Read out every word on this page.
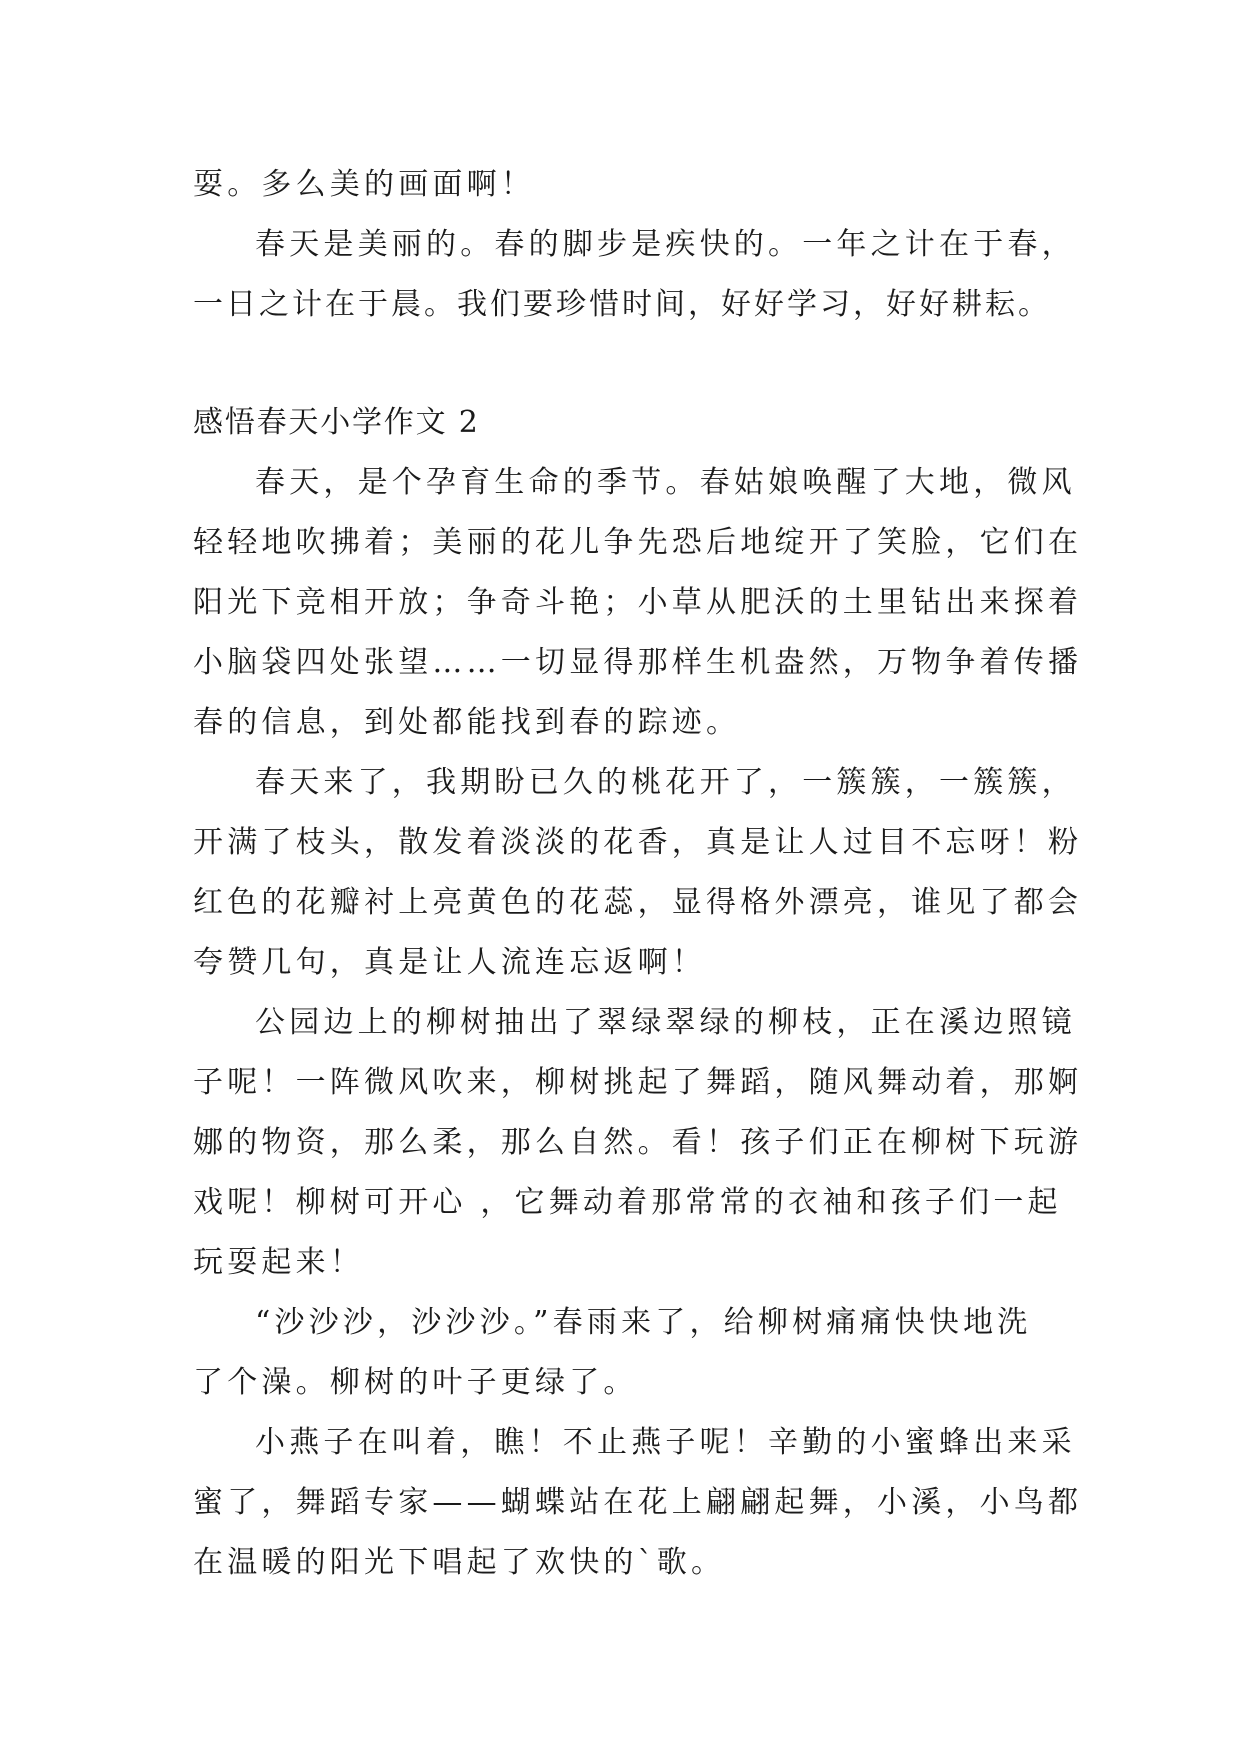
耍。多么美的画面啊！
春天是美丽的。春的脚步是疾快的。一年之计在于春，
一日之计在于晨。我们要珍惜时间，好好学习，好好耕耘。
感悟春天小学作文 2
春天，是个孕育生命的季节。春姑娘唤醒了大地，微风
轻轻地吹拂着；美丽的花儿争先恐后地绽开了笑脸，它们在
阳光下竞相开放；争奇斗艳；小草从肥沃的土里钻出来探着
小脑袋四处张望……一切显得那样生机盎然，万物争着传播
春的信息，到处都能找到春的踪迹。
春天来了，我期盼已久的桃花开了，一簇簇，一簇簇，
开满了枝头，散发着淡淡的花香，真是让人过目不忘呀！粉
红色的花瓣衬上亮黄色的花蕊，显得格外漂亮，谁见了都会
夸赞几句，真是让人流连忘返啊！
公园边上的柳树抽出了翠绿翠绿的柳枝，正在溪边照镜
子呢！一阵微风吹来，柳树挑起了舞蹈，随风舞动着，那婀
娜的物资，那么柔，那么自然。看！孩子们正在柳树下玩游
戏呢！柳树可开心 ，它舞动着那常常的衣袖和孩子们一起
玩耍起来！
“沙沙沙，沙沙沙。”春雨来了，给柳树痛痛快快地洗
了个澡。柳树的叶子更绿了。
小燕子在叫着，瞧！不止燕子呢！辛勤的小蜜蜂出来采
蜜了，舞蹈专家——蝴蝶站在花上翩翩起舞，小溪，小鸟都
在温暖的阳光下唱起了欢快的`歌。
